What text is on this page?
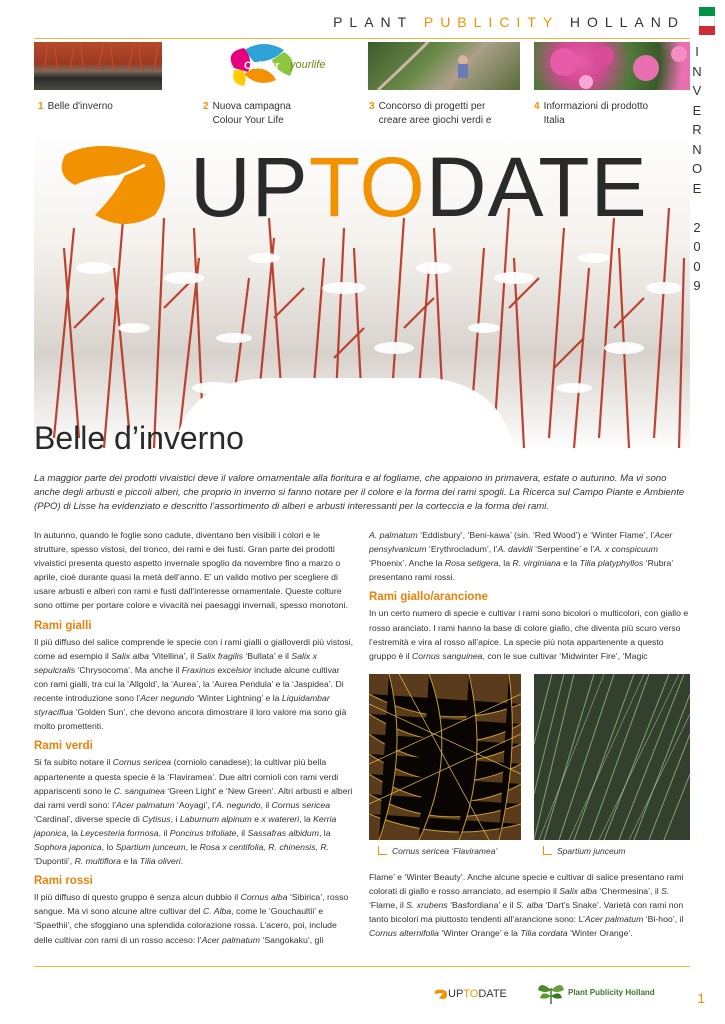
PLANT PUBLICITY HOLLAND
I
N
V
E
R
N
O
E

2
0
0
9
Colour yourlife
1 Belle d'inverno	2 Nuova campagna Colour Your Life
3 Concorso di progetti per creare aree giochi verdi e
4 Informazioni di prodotto Italia
UPTODATE
Belle d’inverno
La maggior parte dei prodotti vivaistici deve il valore ornamentale alla fioritura e al fogliame, che appaiono in primavera, estate o autunno. Ma vi sono anche degli arbusti e piccoli alberi, che proprio in inverno si fanno notare per il colore e la forma dei rami spogli. La Ricerca sul Campo Piante e Ambiente (PPO) di Lisse ha evidenziato e descritto l’assortimento di alberi e arbusti interessanti per la corteccia e la forma dei rami.

In autunno, quando le foglie sono cadute, diventano ben visibili i colori e le strutture, spesso vistosi, del tronco, dei rami e dei fusti. Gran parte dei prodotti vivaistici presenta questo aspetto invernale spoglio da novembre fino a marzo o aprile, cioè durante quasi la metà dell’anno. E’ un valido motivo per scegliere di usare arbusti e alberi con rami e fusti dall’interesse ornamentale. Queste colture sono ottime per portare colore e vivacità nei paesaggi invernali, spesso monotoni.

Rami gialli

Il più diffuso del salice comprende le specie con i rami gialli o gialloverdi più vistosi, come ad esempio il Salix alba ‘Vitellina’, il Salix fragilis ‘Bullata’ e il Salix x sepulcralis ‘Chrysocoma’. Ma anche il Fraxinus excelsior include alcune cultivar con rami gialli, tra cui la ‘Allgold’, la ‘Aurea’, la ‘Aurea Pendula’ e la ‘Jaspidea’. Di recente introduzione sono l’Acer negundo ‘Winter Lightning’ e la Liquidambar styraciflua ‘Golden Sun’, che devono ancora dimostrare il loro valore ma sono già molto promettenti.

Rami verdi

Si fa subito notare il Cornus sericea (corniolo canadese); la cultivar più bella appartenente a questa specie è la ‘Flaviramea’. Due altri cornioli con rami verdi appariscenti sono le C. sanguinea ‘Green Light’ e ‘New Green’. Altri arbusti e alberi dai rami verdi sono: l’Acer palmatum ‘Aoyagi’, l’A. negundo, il Cornus sericea ‘Cardinal’, diverse specie di Cytisus, i Laburnum alpinum e x watereri, la Kerria japonica, la Leycesteria formosa, il Poncirus trifoliate, il Sassafras albidum, la Sophora japonica, lo Spartium junceum, le Rosa x centifolia, R. chinensis, R. ‘Dupontii’, R. multiflora e la Tilia oliveri.

Rami rossi

Il più diffuso di questo gruppo è senza alcun dubbio il Cornus alba ‘Sibirica’, rosso sangue. Ma vi sono alcune altre cultivar del C. Alba, come le ‘Gouchaultii’ e ‘Spaethii’, che sfoggiano una splendida colorazione rossa. L’acero, poi, include delle cultivar con rami di un rosso acceso: l’Acer palmatum ‘Sangokaku’, gli

A. palmatum ‘Eddisbury’, ‘Beni-kawa’ (sin. ‘Red Wood’) e ‘Winter Flame’, l’Acer pensylvanicum ‘Erythrocladum’, l’A. davidii ‘Serpentine’ e l’A. x conspicuum ‘Phoenix’. Anche la Rosa setigera, la R. virginiana e la Tilia platyphyllos ‘Rubra’ presentano rami rossi.

Rami giallo/arancione

In un certo numero di specie e cultivar i rami sono bicolori o multicolori, con giallo e rosso aranciato. I rami hanno la base di colore giallo, che diventa più scuro verso l’estremità e vira al rosso all’apice. La specie più nota appartenente a questo gruppo è il Cornus sanguinea, con le sue cultivar ‘Midwinter Fire’, ‘Magic

Cornus sericea ‘Flaviramea’	Spartium junceum

Flame’ e ‘Winter Beauty’. Anche alcune specie e cultivar di salice presentano rami colorati di giallo e rosso arranciato, ad esempio il Salix alba ‘Chermesina’, il S. ‘Flame, il S. xrubens ‘Basfordiana’ e il S. alba ‘Dart’s Snake’. Varietà con rami non tanto bicolori ma piuttosto tendenti all’arancione sono: L’Acer palmatum ‘Bi-hoo’, il Cornus alternifolia ‘Winter Orange’ e la Tilia cordata ‘Winter Orange’.

UPTODATE	Plant Publicity Holland	1
